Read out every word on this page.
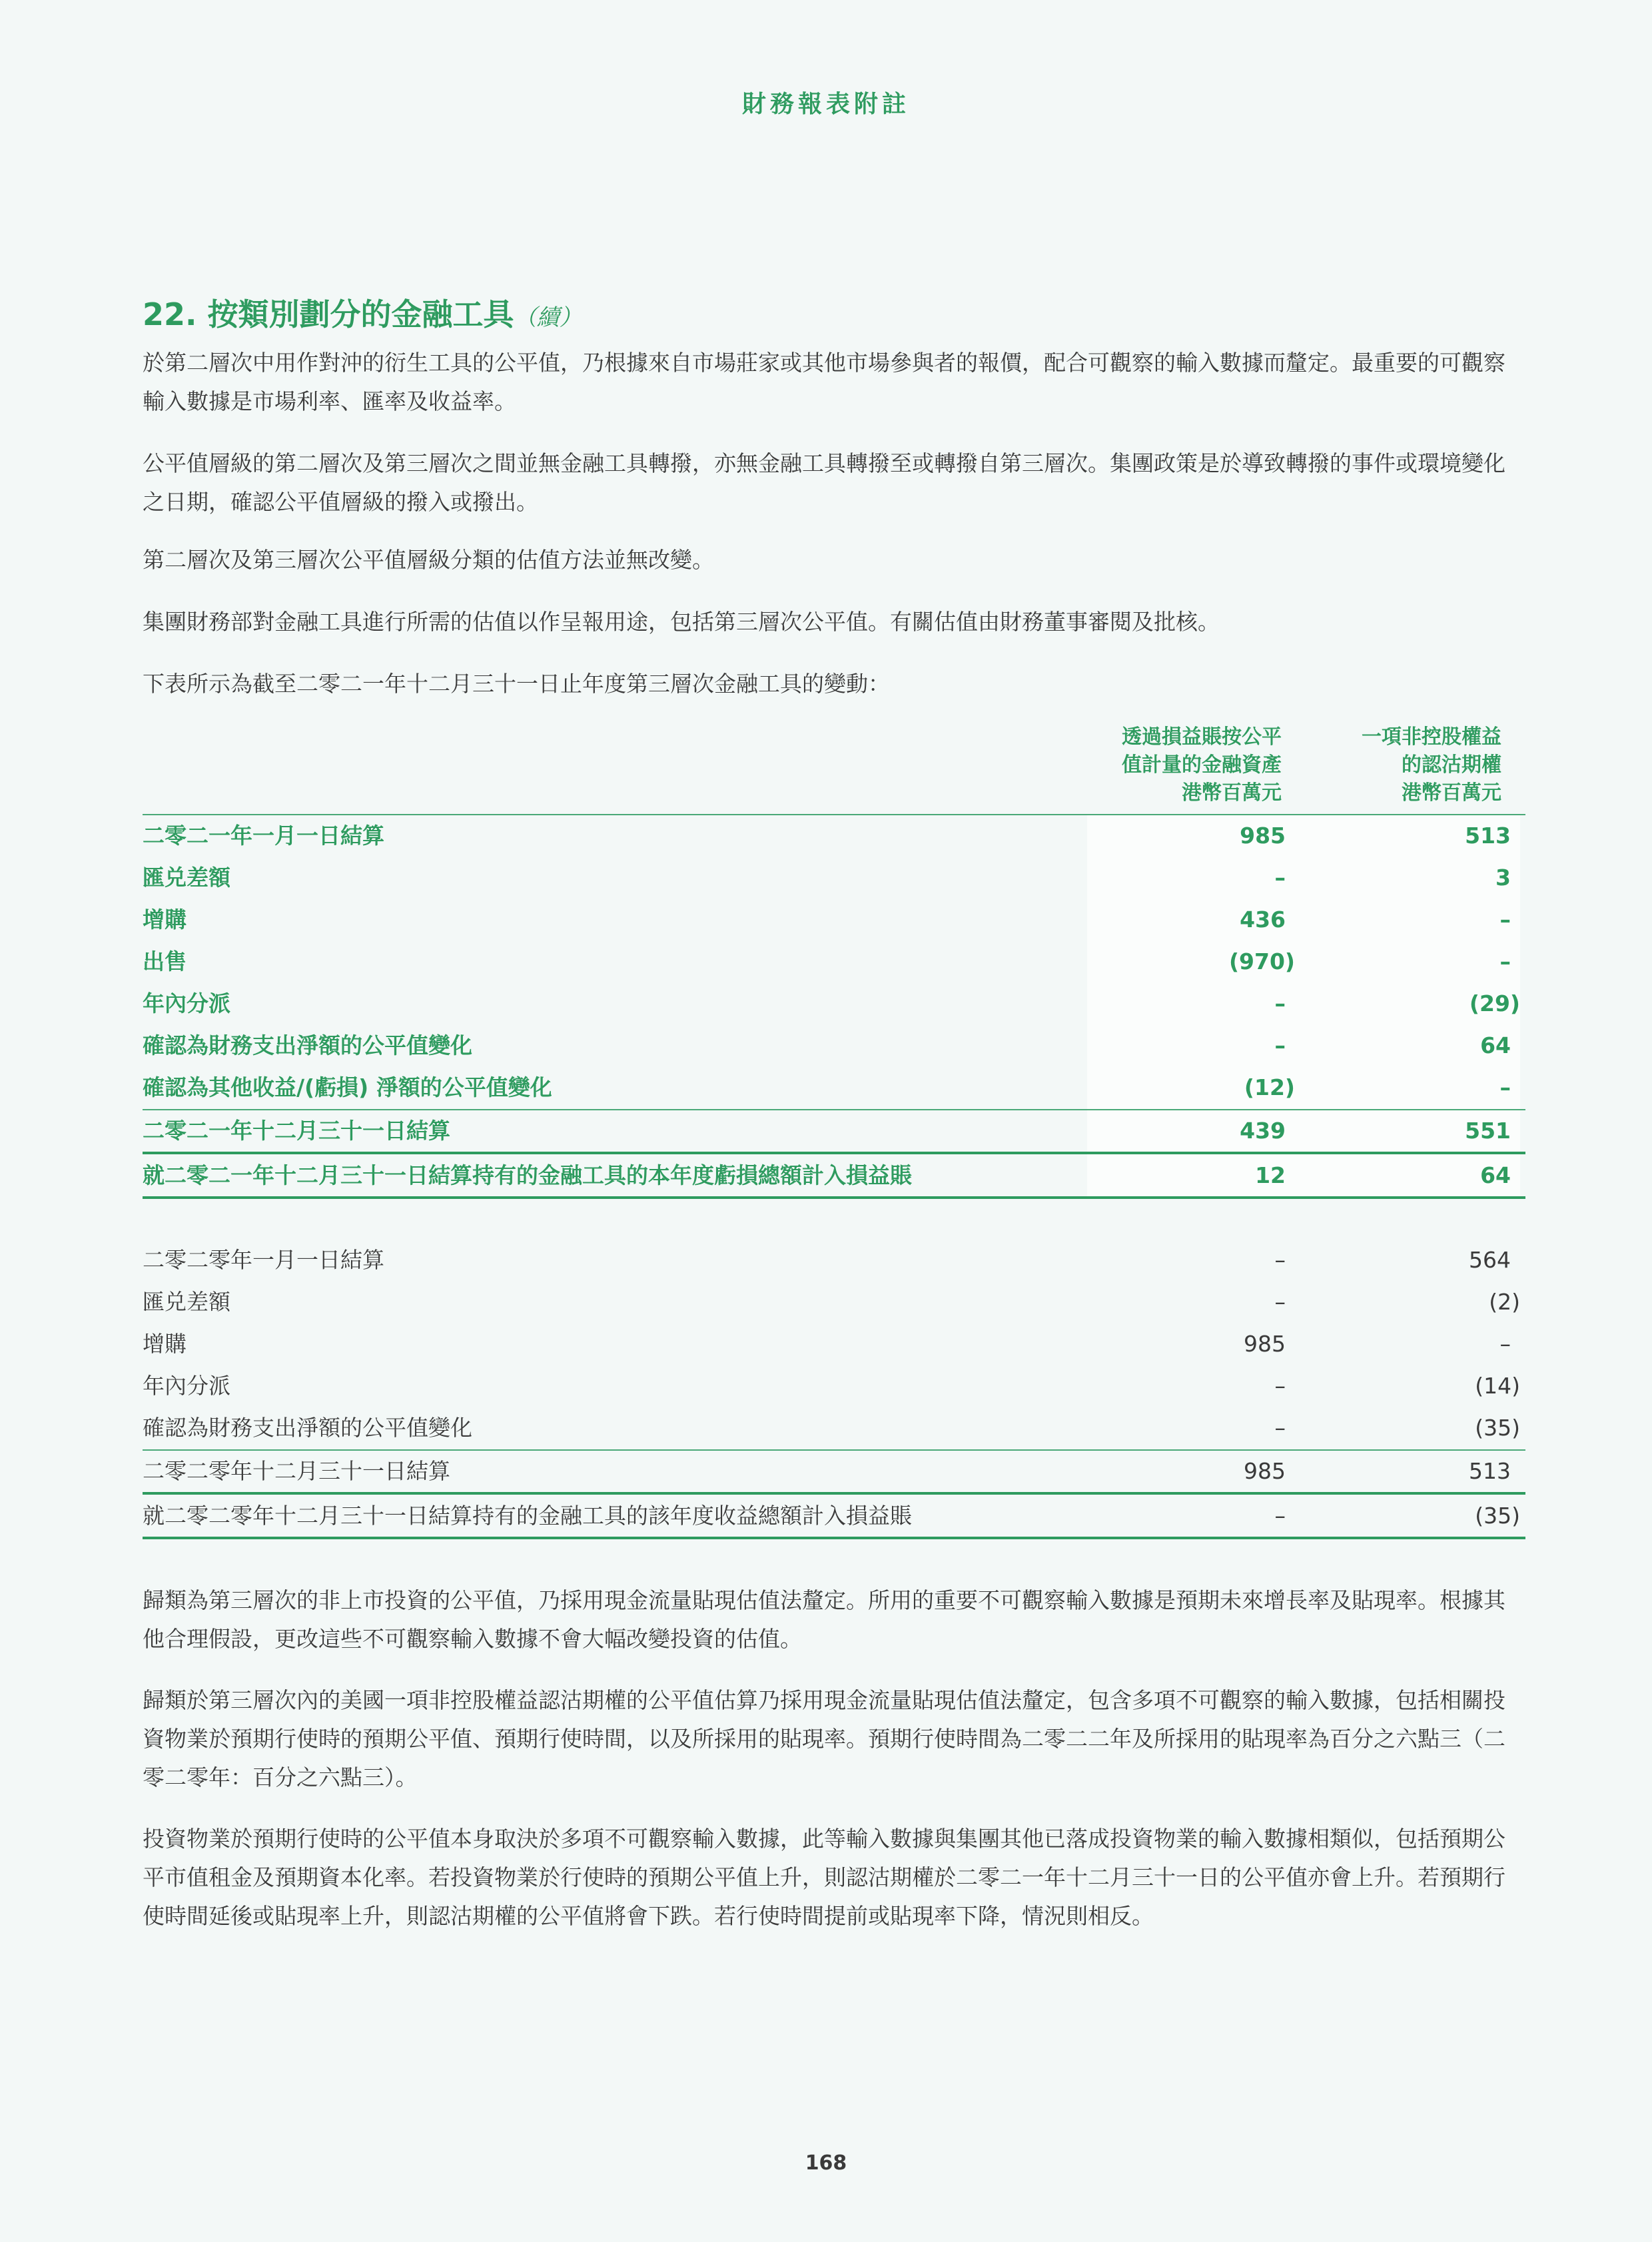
財務報表附註
22. 按類別劃分的金融工具（續）

於第二層次中用作對沖的衍生工具的公平值，乃根據來自市場莊家或其他市場參與者的報價，配合可觀察的輸入數據而釐定。最重要的可觀察輸入數據是市場利率、匯率及收益率。

公平值層級的第二層次及第三層次之間並無金融工具轉撥，亦無金融工具轉撥至或轉撥自第三層次。集團政策是於導致轉撥的事件或環境變化之日期，確認公平值層級的撥入或撥出。

第二層次及第三層次公平值層級分類的估值方法並無改變。

集團財務部對金融工具進行所需的估值以作呈報用途，包括第三層次公平值。有關估值由財務董事審閱及批核。

下表所示為截至二零二一年十二月三十一日止年度第三層次金融工具的變動：

透過損益賬按公平
值計量的金融資產
港幣百萬元
一項非控股權益
的認沽期權
港幣百萬元
二零二一年一月一日結算	985	513
匯兑差額	–	3
增購	436	–
出售	(970)	–
年內分派	–	(29)
確認為財務支出淨額的公平值變化	–	64
確認為其他收益/(虧損) 淨額的公平值變化	(12)	–
二零二一年十二月三十一日結算	439	551
就二零二一年十二月三十一日結算持有的金融工具的本年度虧損總額計入損益賬	12	64
二零二零年一月一日結算	–	564
匯兑差額	–	(2)
增購	985	–
年內分派	–	(14)
確認為財務支出淨額的公平值變化	–	(35)
二零二零年十二月三十一日結算	985	513
就二零二零年十二月三十一日結算持有的金融工具的該年度收益總額計入損益賬	–	(35)

歸類為第三層次的非上市投資的公平值，乃採用現金流量貼現估值法釐定。所用的重要不可觀察輸入數據是預期未來增長率及貼現率。根據其他合理假設，更改這些不可觀察輸入數據不會大幅改變投資的估值。

歸類於第三層次內的美國一項非控股權益認沽期權的公平值估算乃採用現金流量貼現估值法釐定，包含多項不可觀察的輸入數據，包括相關投資物業於預期行使時的預期公平值、預期行使時間，以及所採用的貼現率。預期行使時間為二零二二年及所採用的貼現率為百分之六點三（二零二零年：百分之六點三）。

投資物業於預期行使時的公平值本身取決於多項不可觀察輸入數據，此等輸入數據與集團其他已落成投資物業的輸入數據相類似，包括預期公平市值租金及預期資本化率。若投資物業於行使時的預期公平值上升，則認沽期權於二零二一年十二月三十一日的公平值亦會上升。若預期行使時間延後或貼現率上升，則認沽期權的公平值將會下跌。若行使時間提前或貼現率下降，情況則相反。

168
